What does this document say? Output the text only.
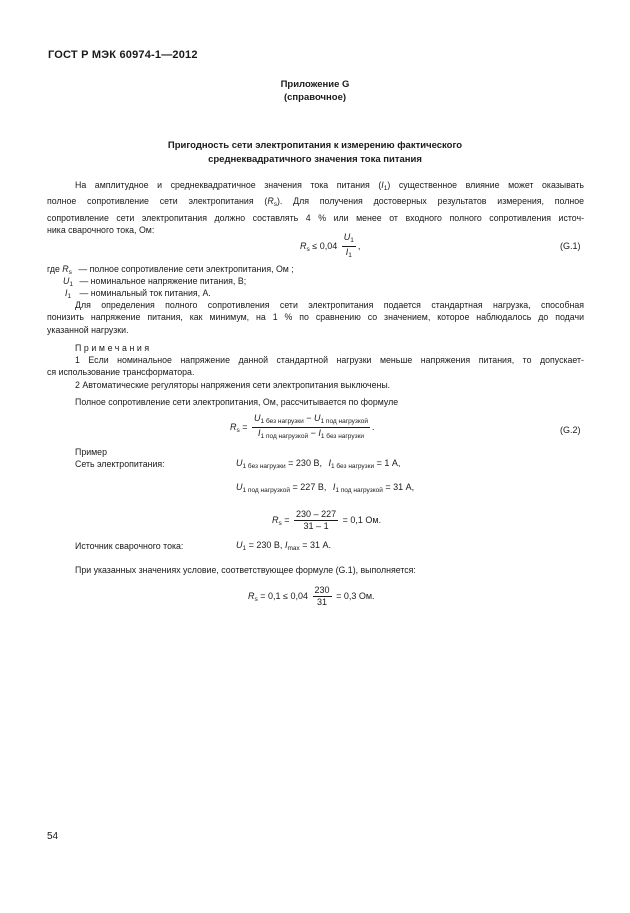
ГОСТ Р МЭК 60974-1—2012
Приложение G
(справочное)
Пригодность сети электропитания к измерению фактического
среднеквадратичного значения тока питания
На амплитудное и среднеквадратичное значения тока питания $(I_1)$ существенное влияние может оказывать
полное сопротивление сети электропитания $(R_s)$. Для получения достоверных результатов измерения, полное
сопротивление сети электропитания должно составлять 4 % или менее от входного полного сопротивления источ-
ника сварочного тока, Ом:
$R_s \le 0,04 \frac{U_1}{I_1}$ ,	(G.1)
где $R_s$ — полное сопротивление сети электропитания, Ом ;
$U_1$ — номинальное напряжение питания, В;
$I_1$ — номинальный ток питания, А.
Для определения полного сопротивления сети электропитания подается стандартная нагрузка, способная
понизить напряжение питания, как минимум, на 1 % по сравнению со значением, которое наблюдалось до подачи
указанной нагрузки.
Примечания
1 Если номинальное напряжение данной стандартной нагрузки меньше напряжения питания, то допускает-
ся использование трансформатора.
2 Автоматические регуляторы напряжения сети электропитания выключены.
Полное сопротивление сети электропитания, Ом, рассчитывается по формуле
$R_s = \frac{U_{1 без нагрузки} - U_{1 под нагрузкой}}{I_{1 под нагрузкой} - I_{1 без нагрузки}}$ .	(G.2)
Пример
Сеть электропитания:	$U_{1 без нагрузки} = 230$ В, $I_{1 без нагрузки} = 1$ А,
$U_{1 под нагрузкой} = 227$ В, $I_{1 под нагрузкой} = 31$ А,
$R_s = \frac{230 - 227}{31 - 1} = 0,1$ Ом.
Источник сварочного тока:	$U_1 = 230$ В, $I_{max} = 31$ А.
При указанных значениях условие, соответствующее формуле (G.1), выполняется:
$R_s = 0,1 \le 0,04 \frac{230}{31} = 0,3$ Ом.
54
